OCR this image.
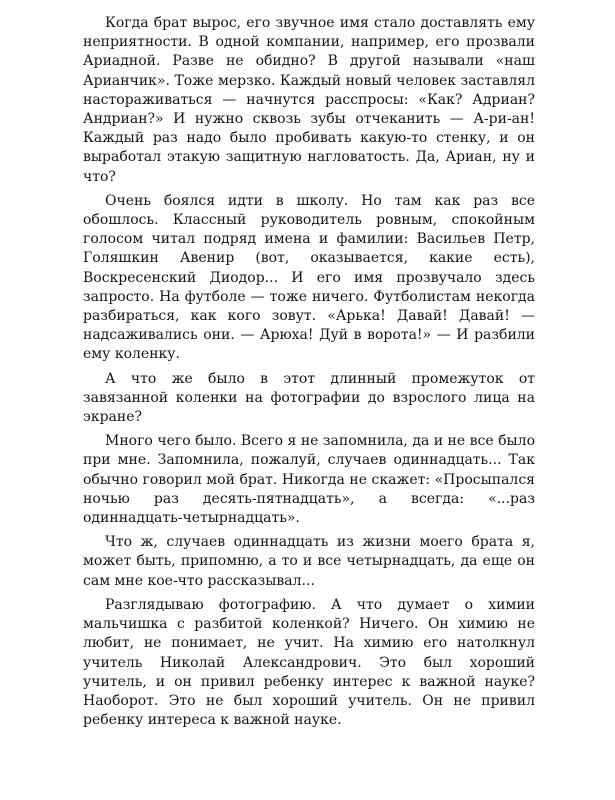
Когда брат вырос, его звучное имя стало доставлять ему неприятности. В одной компании, например, его прозвали Ариадной. Разве не обидно? В другой называли «наш Арианчик». Тоже мерзко. Каждый новый человек заставлял настораживаться — начнутся расспросы: «Как? Адриан? Андриан?» И нужно сквозь зубы отчеканить — А-ри-ан! Каждый раз надо было пробивать какую-то стенку, и он выработал этакую защитную нагловатость. Да, Ариан, ну и что?

Очень боялся идти в школу. Но там как раз все обошлось. Классный руководитель ровным, спокойным голосом читал подряд имена и фамилии: Васильев Петр, Голяшкин Авенир (вот, оказывается, какие есть), Воскресенский Диодор... И его имя прозвучало здесь запросто. На футболе — тоже ничего. Футболистам некогда разбираться, как кого зовут. «Арька! Давай! Давай! — надсаживались они. — Арюха! Дуй в ворота!» — И разбили ему коленку.

А что же было в этот длинный промежуток от завязанной коленки на фотографии до взрослого лица на экране?

Много чего было. Всего я не запомнила, да и не все было при мне. Запомнила, пожалуй, случаев одиннадцать... Так обычно говорил мой брат. Никогда не скажет: «Просыпался ночью раз десять-пятнадцать», а всегда: «...раз одиннадцать-четырнадцать».

Что ж, случаев одиннадцать из жизни моего брата я, может быть, припомню, а то и все четырнадцать, да еще он сам мне кое-что рассказывал...

Разглядываю фотографию. А что думает о химии мальчишка с разбитой коленкой? Ничего. Он химию не любит, не понимает, не учит. На химию его натолкнул учитель Николай Александрович. Это был хороший учитель, и он привил ребенку интерес к важной науке? Наоборот. Это не был хороший учитель. Он не привил ребенку интереса к важной науке.
